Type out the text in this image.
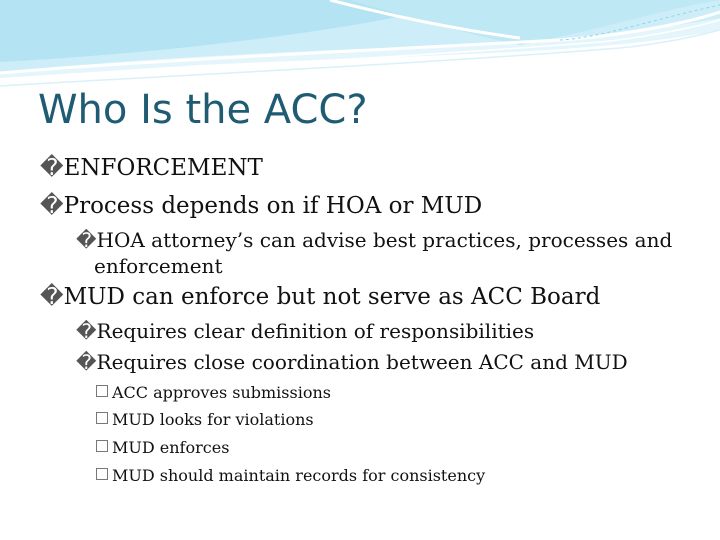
Who Is the ACC?

�ENFORCEMENT

�Process depends on if HOA or MUD

�HOA attorney’s can advise best practices, processes and

enforcement

�MUD can enforce but not serve as ACC Board

�Requires clear definition of responsibilities

�Requires close coordination between ACC and MUD

ACC approves submissions

MUD looks for violations

MUD enforces

MUD should maintain records for consistency
